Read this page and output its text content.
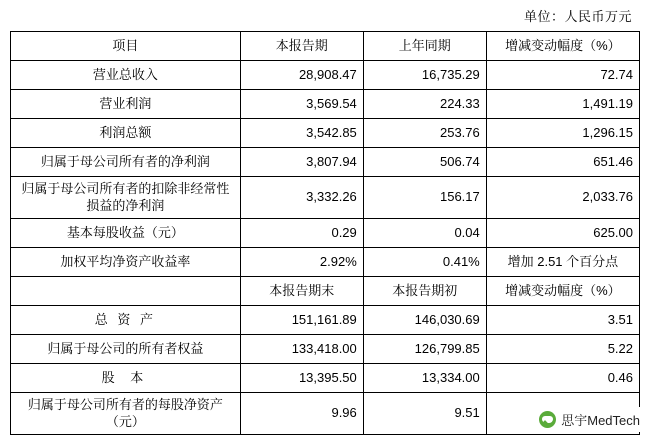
单位：人民币万元
项目	本报告期	上年同期	增减变动幅度（%）
营业总收入	28,908.47	16,735.29	72.74
营业利润	3,569.54	224.33	1,491.19
利润总额	3,542.85	253.76	1,296.15
归属于母公司所有者的净利润	3,807.94	506.74	651.46
归属于母公司所有者的扣除非经常性损益的净利润	3,332.26	156.17	2,033.76
基本每股收益（元）	0.29	0.04	625.00
加权平均净资产收益率	2.92%	0.41%	增加 2.51 个百分点
	本报告期末	本报告期初	增减变动幅度（%）
总 资 产	151,161.89	146,030.69	3.51
归属于母公司的所有者权益	133,418.00	126,799.85	5.22
股 本	13,395.50	13,334.00	0.46
归属于母公司所有者的每股净资产（元）	9.96	9.51	
思宇MedTech
